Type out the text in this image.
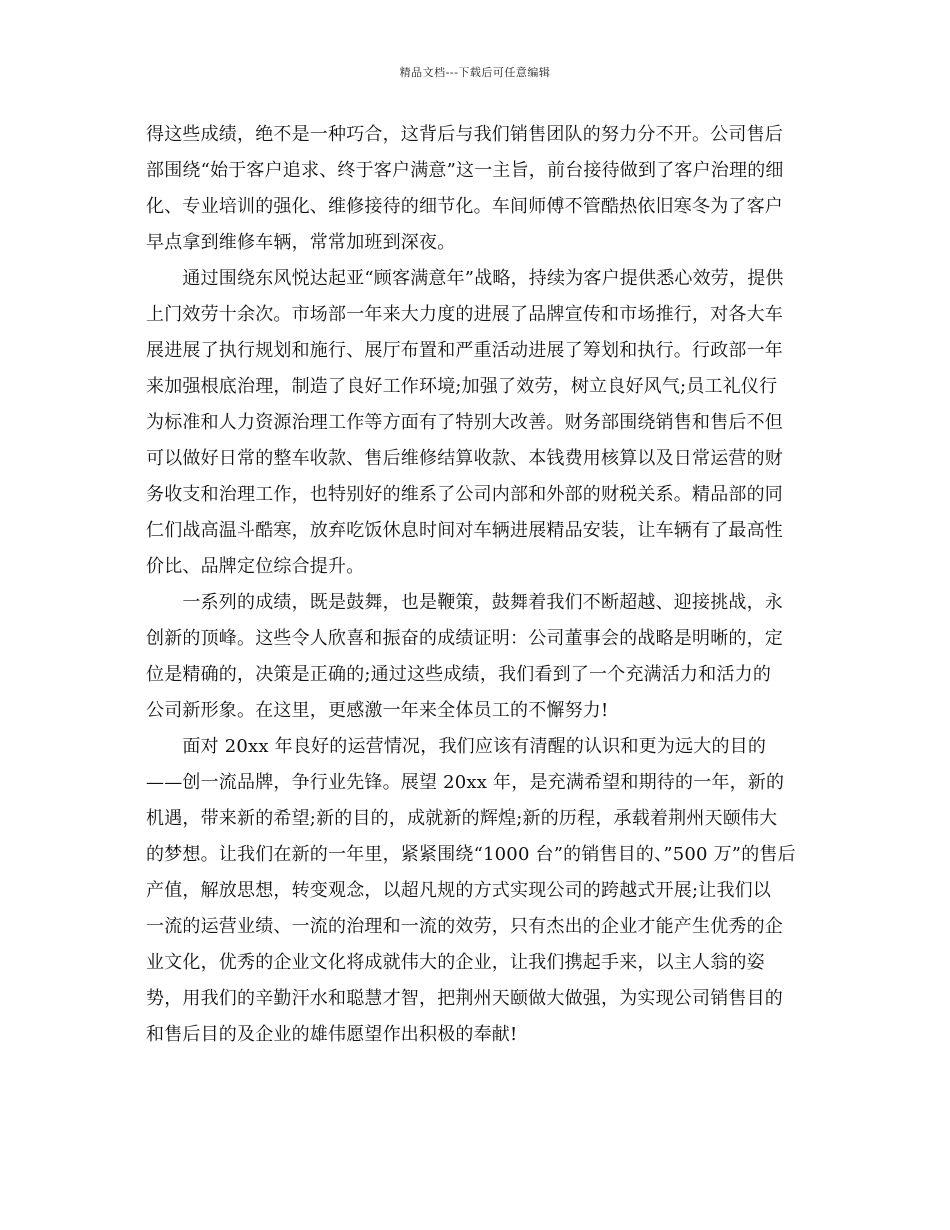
精品文档---下载后可任意编辑
得这些成绩，绝不是一种巧合，这背后与我们销售团队的努力分不开。公司售后
部围绕“始于客户追求、终于客户满意”这一主旨，前台接待做到了客户治理的细
化、专业培训的强化、维修接待的细节化。车间师傅不管酷热依旧寒冬为了客户
早点拿到维修车辆，常常加班到深夜。
　　通过围绕东风悦达起亚“顾客满意年”战略，持续为客户提供悉心效劳，提供
上门效劳十余次。市场部一年来大力度的进展了品牌宣传和市场推行，对各大车
展进展了执行规划和施行、展厅布置和严重活动进展了筹划和执行。行政部一年
来加强根底治理，制造了良好工作环境;加强了效劳，树立良好风气;员工礼仪行
为标准和人力资源治理工作等方面有了特别大改善。财务部围绕销售和售后不但
可以做好日常的整车收款、售后维修结算收款、本钱费用核算以及日常运营的财
务收支和治理工作，也特别好的维系了公司内部和外部的财税关系。精品部的同
仁们战高温斗酷寒，放弃吃饭休息时间对车辆进展精品安装，让车辆有了最高性
价比、品牌定位综合提升。
　　一系列的成绩，既是鼓舞，也是鞭策，鼓舞着我们不断超越、迎接挑战，永
创新的顶峰。这些令人欣喜和振奋的成绩证明：公司董事会的战略是明晰的，定
位是精确的，决策是正确的;通过这些成绩，我们看到了一个充满活力和活力的
公司新形象。在这里，更感激一年来全体员工的不懈努力!
　　面对 20xx 年良好的运营情况，我们应该有清醒的认识和更为远大的目的
——创一流品牌，争行业先锋。展望 20xx 年，是充满希望和期待的一年，新的
机遇，带来新的希望;新的目的，成就新的辉煌;新的历程，承载着荆州天颐伟大
的梦想。让我们在新的一年里，紧紧围绕“1000 台”的销售目的、”500 万”的售后
产值，解放思想，转变观念，以超凡规的方式实现公司的跨越式开展;让我们以
一流的运营业绩、一流的治理和一流的效劳，只有杰出的企业才能产生优秀的企
业文化，优秀的企业文化将成就伟大的企业，让我们携起手来，以主人翁的姿
势，用我们的辛勤汗水和聪慧才智，把荆州天颐做大做强，为实现公司销售目的
和售后目的及企业的雄伟愿望作出积极的奉献!
